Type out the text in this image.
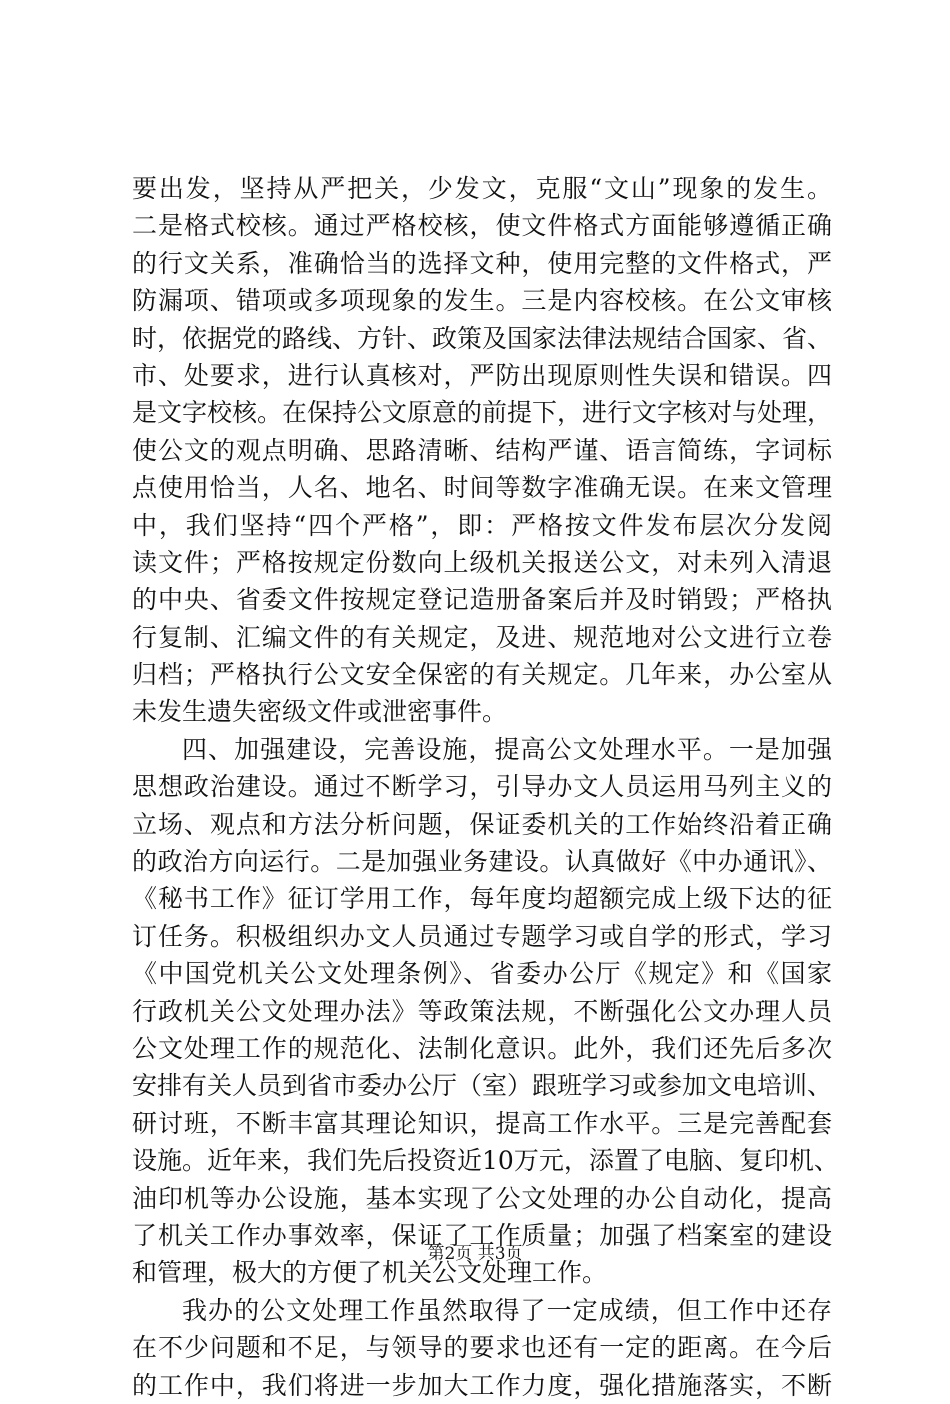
要出发，坚持从严把关，少发文，克服“文山”现象的发生。
二是格式校核。通过严格校核，使文件格式方面能够遵循正确
的行文关系，准确恰当的选择文种，使用完整的文件格式，严
防漏项、错项或多项现象的发生。三是内容校核。在公文审核
时，依据党的路线、方针、政策及国家法律法规结合国家、省、
市、处要求，进行认真核对，严防出现原则性失误和错误。四
是文字校核。在保持公文原意的前提下，进行文字核对与处理，
使公文的观点明确、思路清晰、结构严谨、语言简练，字词标
点使用恰当，人名、地名、时间等数字准确无误。在来文管理
中，我们坚持“四个严格”，即：严格按文件发布层次分发阅
读文件；严格按规定份数向上级机关报送公文，对未列入清退
的中央、省委文件按规定登记造册备案后并及时销毁；严格执
行复制、汇编文件的有关规定，及进、规范地对公文进行立卷
归档；严格执行公文安全保密的有关规定。几年来，办公室从
未发生遗失密级文件或泄密事件。
四、加强建设，完善设施，提高公文处理水平。一是加强
思想政治建设。通过不断学习，引导办文人员运用马列主义的
立场、观点和方法分析问题，保证委机关的工作始终沿着正确
的政治方向运行。二是加强业务建设。认真做好《中办通讯》、
《秘书工作》征订学用工作，每年度均超额完成上级下达的征
订任务。积极组织办文人员通过专题学习或自学的形式，学习
《中国党机关公文处理条例》、省委办公厅《规定》和《国家
行政机关公文处理办法》等政策法规，不断强化公文办理人员
公文处理工作的规范化、法制化意识。此外，我们还先后多次
安排有关人员到省市委办公厅（室）跟班学习或参加文电培训、
研讨班，不断丰富其理论知识，提高工作水平。三是完善配套
设施。近年来，我们先后投资近10万元，添置了电脑、复印机、
油印机等办公设施，基本实现了公文处理的办公自动化，提高
了机关工作办事效率，保证了工作质量；加强了档案室的建设
和管理，极大的方便了机关公文处理工作。
我办的公文处理工作虽然取得了一定成绩，但工作中还存
在不少问题和不足，与领导的要求也还有一定的距离。在今后
的工作中，我们将进一步加大工作力度，强化措施落实，不断
第2页 共3页
